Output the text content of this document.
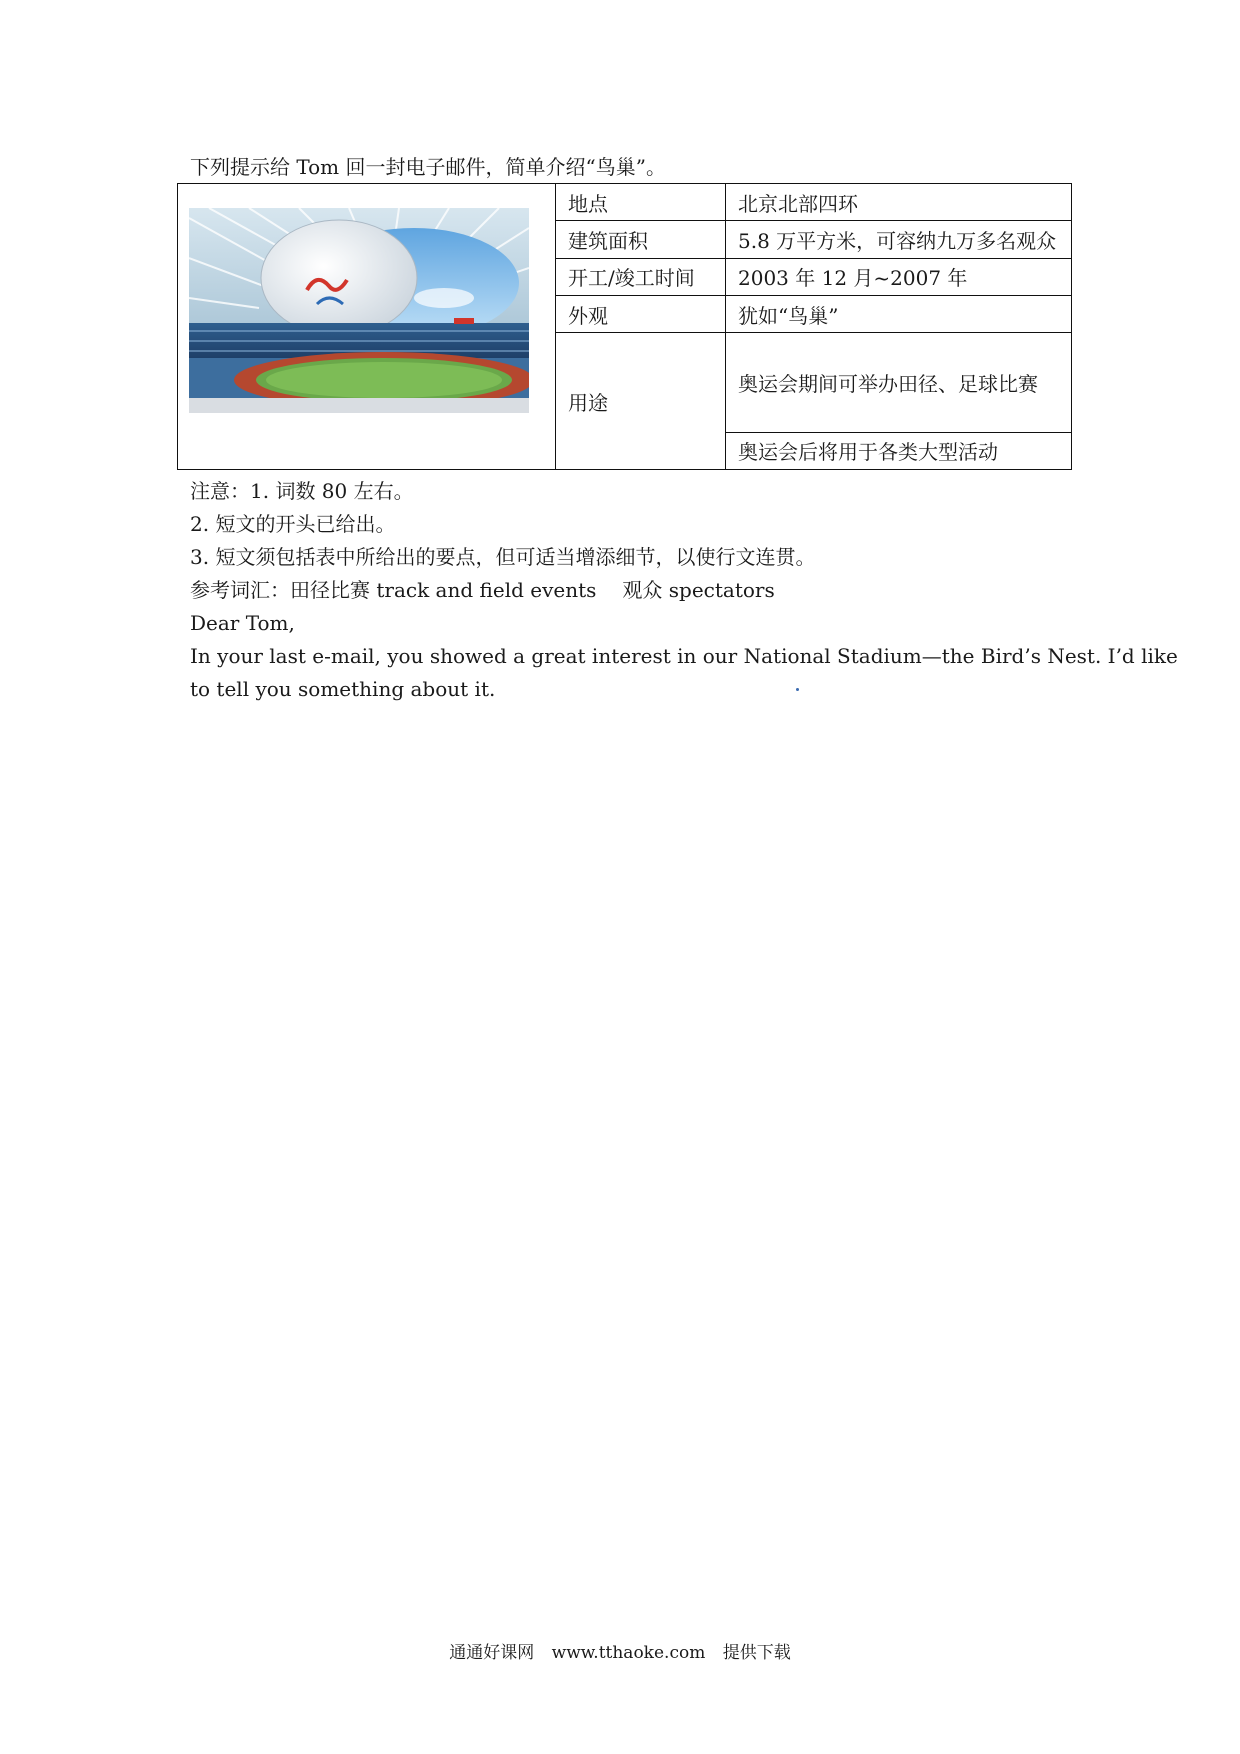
下列提示给 Tom 回一封电子邮件，简单介绍“鸟巢”。
	地点	北京北部四环
	建筑面积	5.8 万平方米，可容纳九万多名观众
	开工/竣工时间	2003 年 12 月~2007 年
	外观	犹如“鸟巢”
	用途	奥运会期间可举办田径、足球比赛
		奥运会后将用于各类大型活动
注意：1. 词数 80 左右。
2. 短文的开头已给出。
3. 短文须包括表中所给出的要点，但可适当增添细节，以使行文连贯。
参考词汇：田径比赛 track and field events 观众 spectators
Dear Tom,
In your last e-mail, you showed a great interest in our National Stadium—the Bird’s Nest. I’d like
to tell you something about it.
通通好课网 www.tthaoke.com 提供下载
